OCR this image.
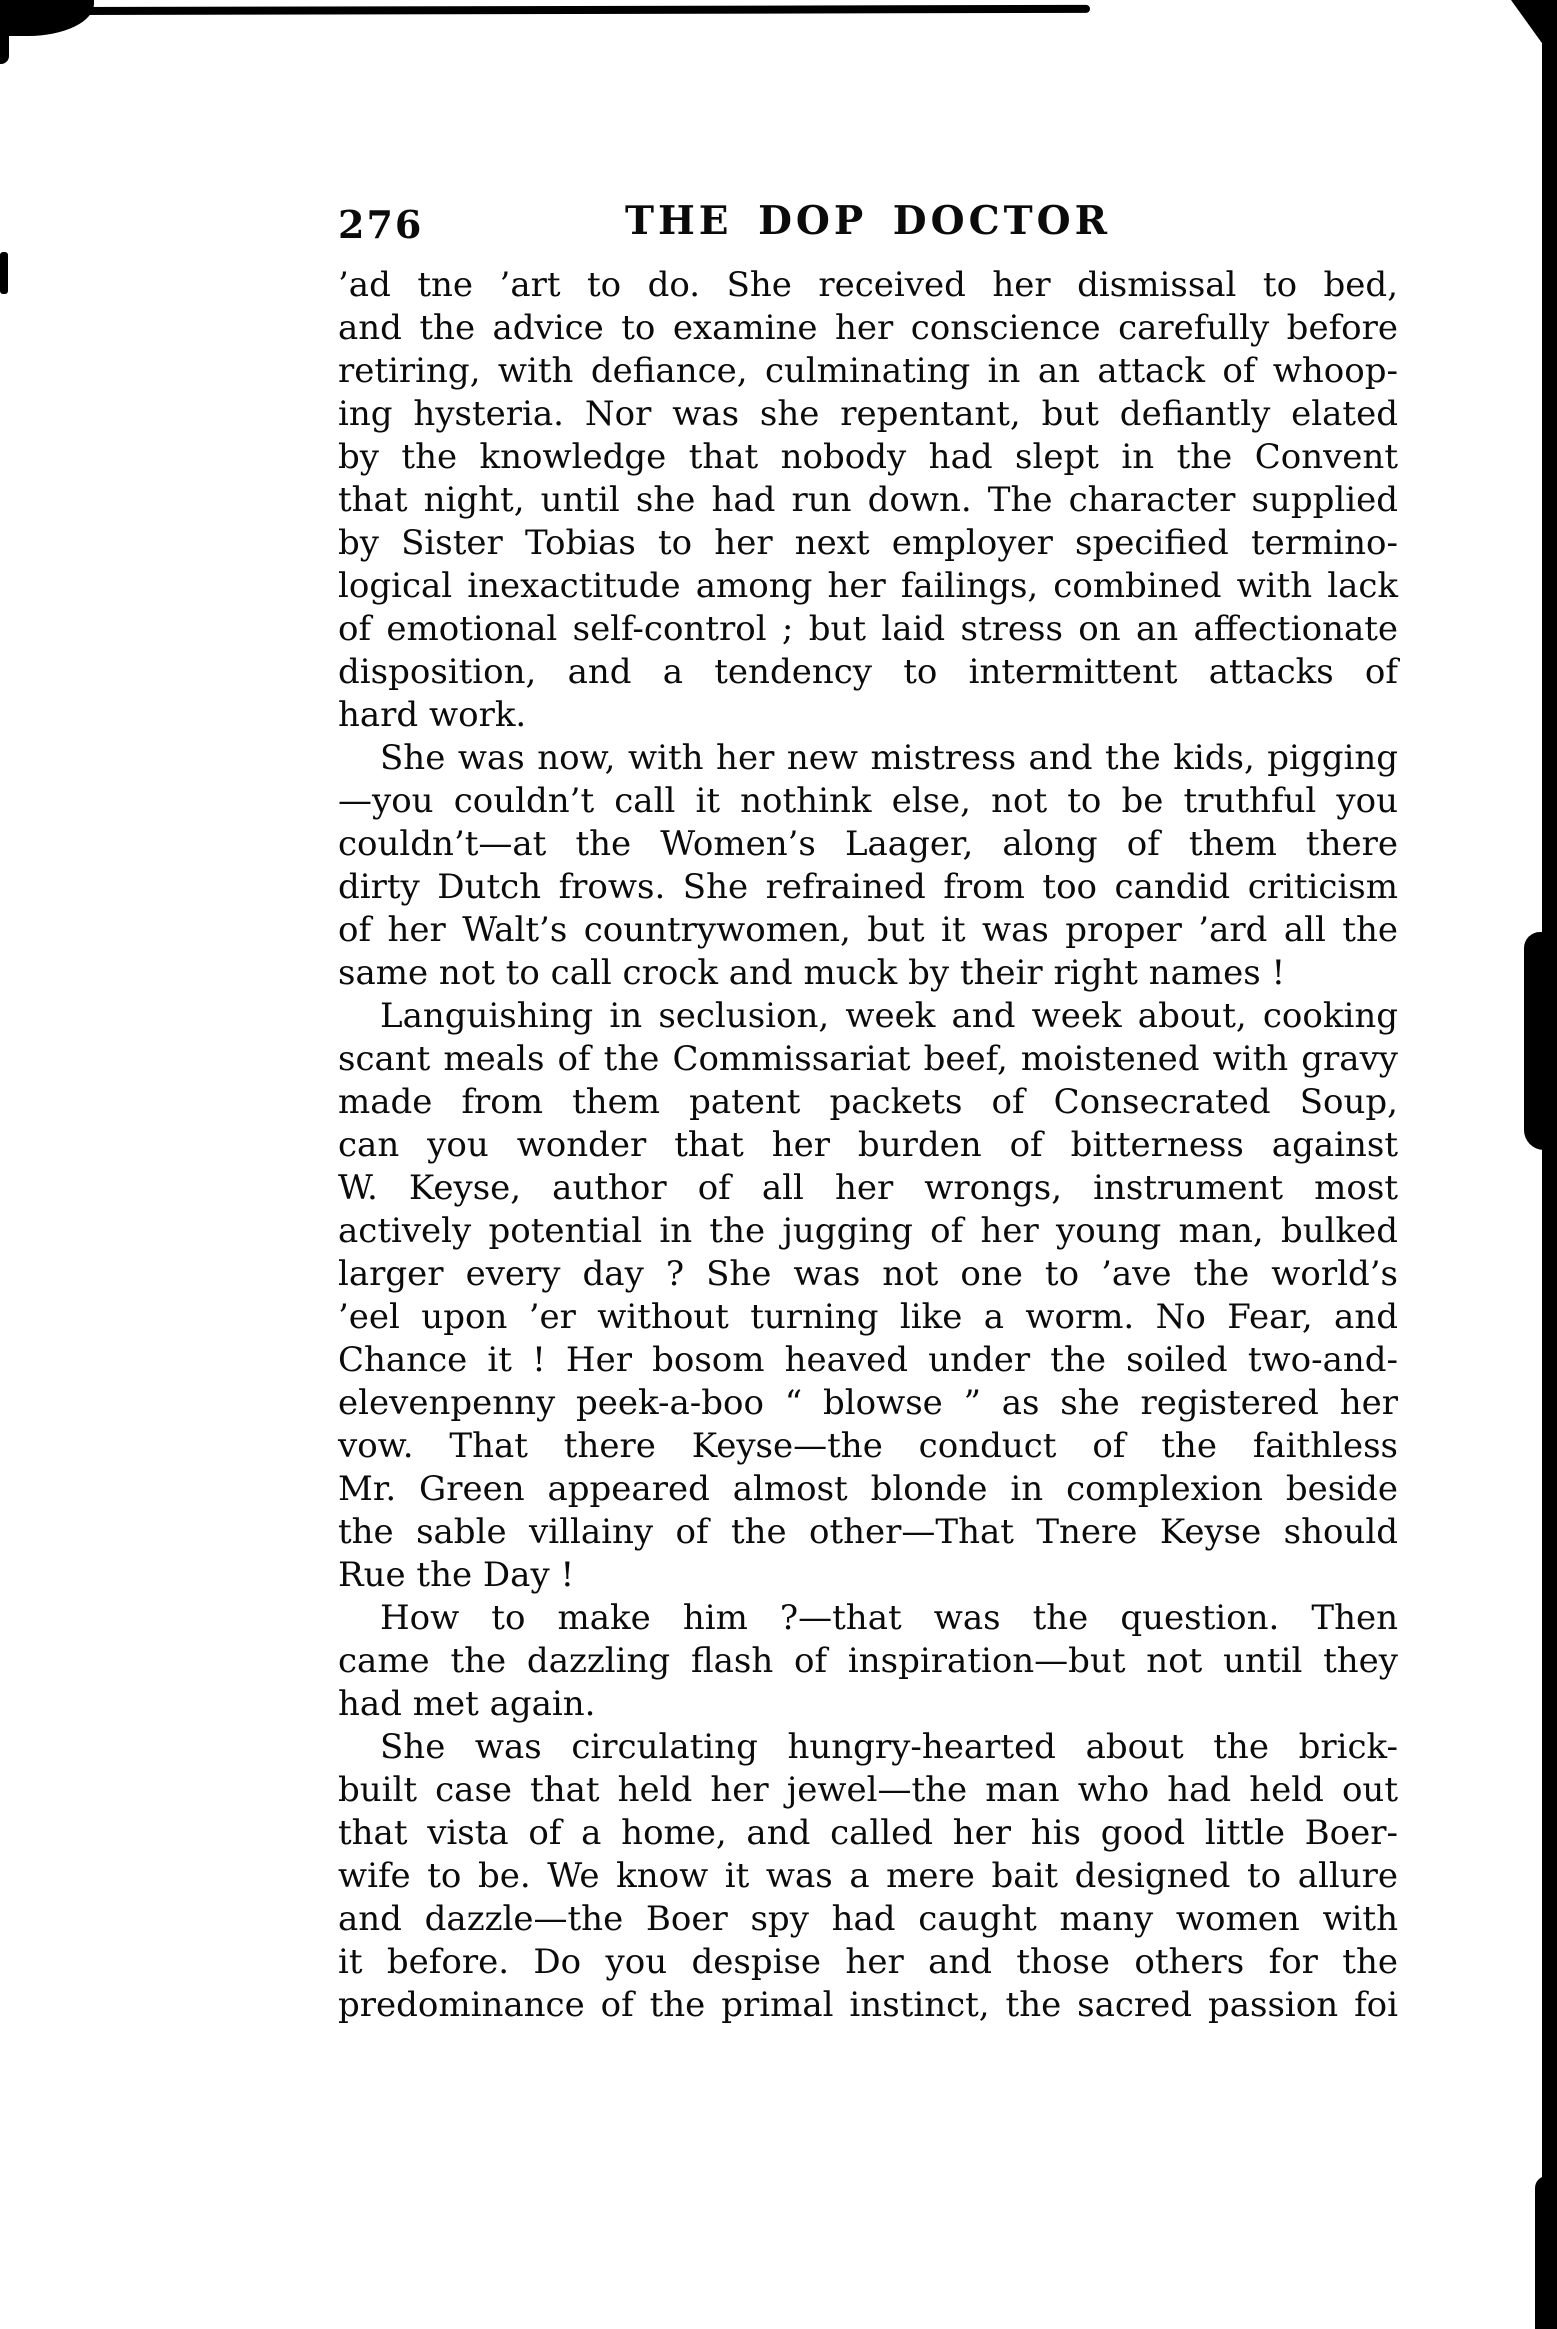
276	THE DOP DOCTOR
’ad tne ’art to do. She received her dismissal to bed,
and the advice to examine her conscience carefully before
retiring, with defiance, culminating in an attack of whoop-
ing hysteria. Nor was she repentant, but defiantly elated
by the knowledge that nobody had slept in the Convent
that night, until she had run down. The character supplied
by Sister Tobias to her next employer specified termino-
logical inexactitude among her failings, combined with lack
of emotional self-control ; but laid stress on an affectionate
disposition, and a tendency to intermittent attacks of
hard work.
She was now, with her new mistress and the kids, pigging
—you couldn’t call it nothink else, not to be truthful you
couldn’t—at the Women’s Laager, along of them there
dirty Dutch frows. She refrained from too candid criticism
of her Walt’s countrywomen, but it was proper ’ard all the
same not to call crock and muck by their right names !
Languishing in seclusion, week and week about, cooking
scant meals of the Commissariat beef, moistened with gravy
made from them patent packets of Consecrated Soup,
can you wonder that her burden of bitterness against
W. Keyse, author of all her wrongs, instrument most
actively potential in the jugging of her young man, bulked
larger every day ? She was not one to ’ave the world’s
’eel upon ’er without turning like a worm. No Fear, and
Chance it ! Her bosom heaved under the soiled two-and-
elevenpenny peek-a-boo “ blowse ” as she registered her
vow. That there Keyse—the conduct of the faithless
Mr. Green appeared almost blonde in complexion beside
the sable villainy of the other—That Tnere Keyse should
Rue the Day !
How to make him ?—that was the question. Then
came the dazzling flash of inspiration—but not until they
had met again.
She was circulating hungry-hearted about the brick-
built case that held her jewel—the man who had held out
that vista of a home, and called her his good little Boer-
wife to be. We know it was a mere bait designed to allure
and dazzle—the Boer spy had caught many women with
it before. Do you despise her and those others for the
predominance of the primal instinct, the sacred passion foi
